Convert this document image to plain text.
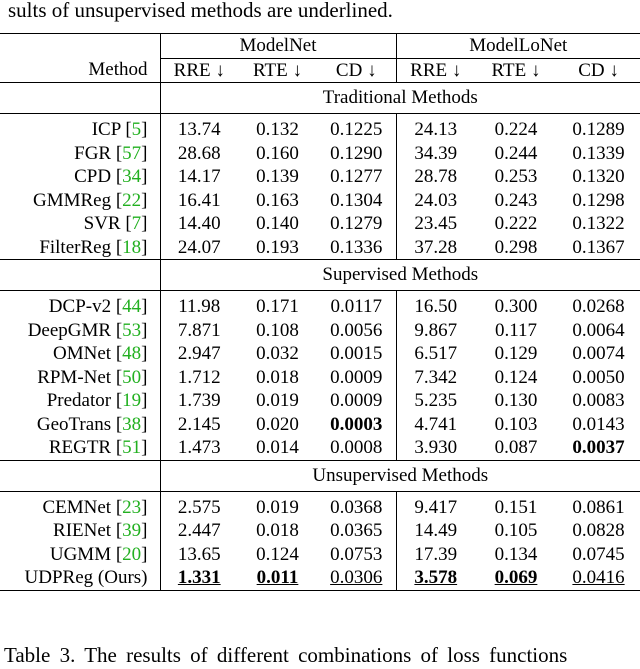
sults of unsupervised methods are underlined.
	ModelNet			ModelLoNet		
Method	RRE ↓	RTE ↓	CD ↓	RRE ↓	RTE ↓	CD ↓
	Traditional Methods					
ICP [5]	13.74	0.132	0.1225	24.13	0.224	0.1289
FGR [57]	28.68	0.160	0.1290	34.39	0.244	0.1339
CPD [34]	14.17	0.139	0.1277	28.78	0.253	0.1320
GMMReg [22]	16.41	0.163	0.1304	24.03	0.243	0.1298
SVR [7]	14.40	0.140	0.1279	23.45	0.222	0.1322
FilterReg [18]	24.07	0.193	0.1336	37.28	0.298	0.1367
	Supervised Methods					
DCP-v2 [44]	11.98	0.171	0.0117	16.50	0.300	0.0268
DeepGMR [53]	7.871	0.108	0.0056	9.867	0.117	0.0064
OMNet [48]	2.947	0.032	0.0015	6.517	0.129	0.0074
RPM-Net [50]	1.712	0.018	0.0009	7.342	0.124	0.0050
Predator [19]	1.739	0.019	0.0009	5.235	0.130	0.0083
GeoTrans [38]	2.145	0.020	0.0003	4.741	0.103	0.0143
REGTR [51]	1.473	0.014	0.0008	3.930	0.087	0.0037
	Unsupervised Methods					
CEMNet [23]	2.575	0.019	0.0368	9.417	0.151	0.0861
RIENet [39]	2.447	0.018	0.0365	14.49	0.105	0.0828
UGMM [20]	13.65	0.124	0.0753	17.39	0.134	0.0745
UDPReg (Ours)	1.331	0.011	0.0306	3.578	0.069	0.0416
Table 3. The results of different combinations of loss functions
